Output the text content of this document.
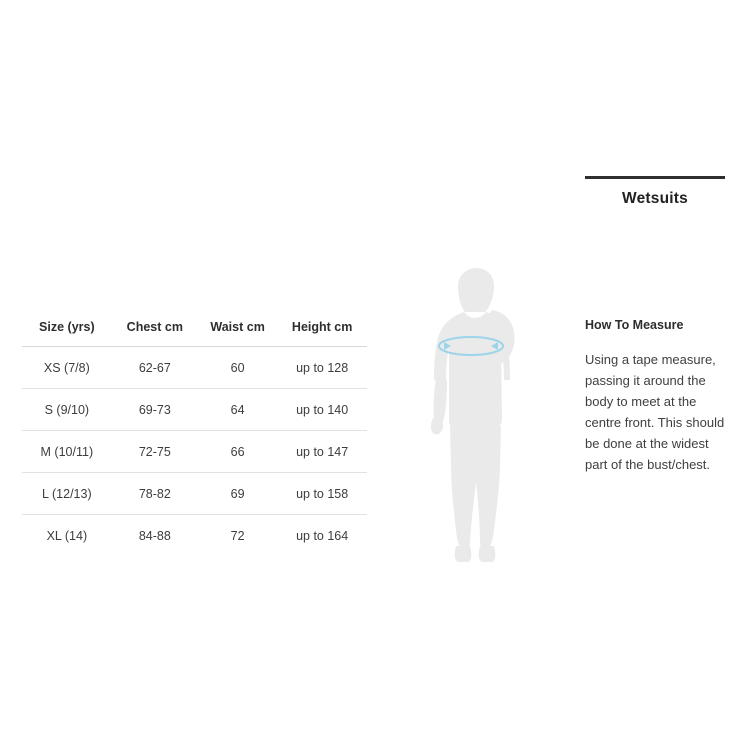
Size (yrs)	Chest cm	Waist cm	Height cm
XS (7/8)	62-67	60	up to 128
S (9/10)	69-73	64	up to 140
M (10/11)	72-75	66	up to 147
L (12/13)	78-82	69	up to 158
XL (14)	84-88	72	up to 164
Wetsuits
How To Measure
Using a tape measure, passing it around the body to meet at the centre front. This should be done at the widest part of the bust/chest.
